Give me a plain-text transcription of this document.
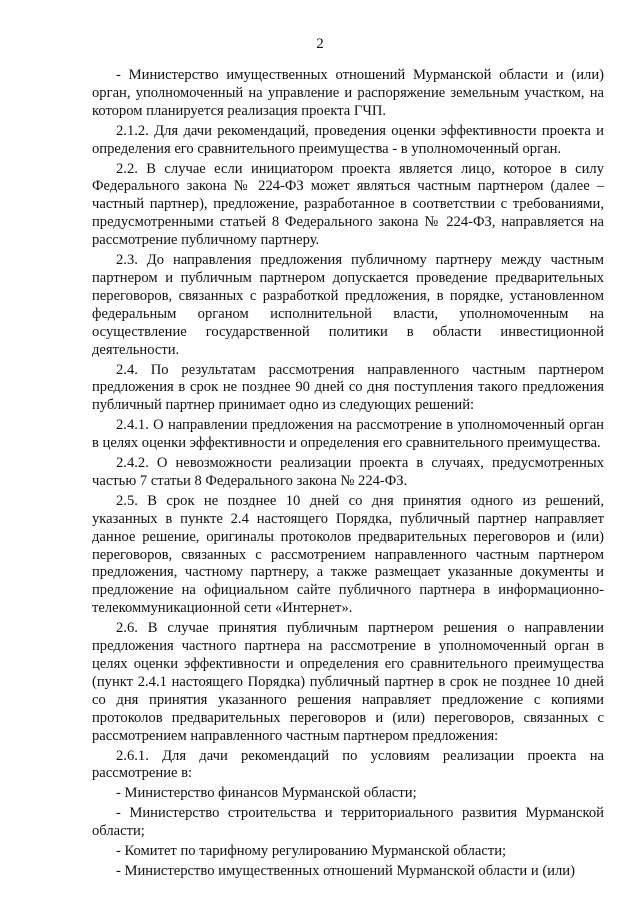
2

- Министерство имущественных отношений Мурманской области и (или) орган, уполномоченный на управление и распоряжение земельным участком, на котором планируется реализация проекта ГЧП.

2.1.2. Для дачи рекомендаций, проведения оценки эффективности проекта и определения его сравнительного преимущества - в уполномоченный орган.

2.2. В случае если инициатором проекта является лицо, которое в силу Федерального закона № 224-ФЗ может являться частным партнером (далее – частный партнер), предложение, разработанное в соответствии с требованиями, предусмотренными статьей 8 Федерального закона № 224-ФЗ, направляется на рассмотрение публичному партнеру.

2.3. До направления предложения публичному партнеру между частным партнером и публичным партнером допускается проведение предварительных переговоров, связанных с разработкой предложения, в порядке, установленном федеральным органом исполнительной власти, уполномоченным на осуществление государственной политики в области инвестиционной деятельности.

2.4. По результатам рассмотрения направленного частным партнером предложения в срок не позднее 90 дней со дня поступления такого предложения публичный партнер принимает одно из следующих решений:

2.4.1. О направлении предложения на рассмотрение в уполномоченный орган в целях оценки эффективности и определения его сравнительного преимущества.

2.4.2. О невозможности реализации проекта в случаях, предусмотренных частью 7 статьи 8 Федерального закона № 224-ФЗ.

2.5. В срок не позднее 10 дней со дня принятия одного из решений, указанных в пункте 2.4 настоящего Порядка, публичный партнер направляет данное решение, оригиналы протоколов предварительных переговоров и (или) переговоров, связанных с рассмотрением направленного частным партнером предложения, частному партнеру, а также размещает указанные документы и предложение на официальном сайте публичного партнера в информационно-телекоммуникационной сети «Интернет».

2.6. В случае принятия публичным партнером решения о направлении предложения частного партнера на рассмотрение в уполномоченный орган в целях оценки эффективности и определения его сравнительного преимущества (пункт 2.4.1 настоящего Порядка) публичный партнер в срок не позднее 10 дней со дня принятия указанного решения направляет предложение с копиями протоколов предварительных переговоров и (или) переговоров, связанных с рассмотрением направленного частным партнером предложения:

2.6.1. Для дачи рекомендаций по условиям реализации проекта на рассмотрение в:

- Министерство финансов Мурманской области;

- Министерство строительства и территориального развития Мурманской области;

- Комитет по тарифному регулированию Мурманской области;

- Министерство имущественных отношений Мурманской области и (или)
